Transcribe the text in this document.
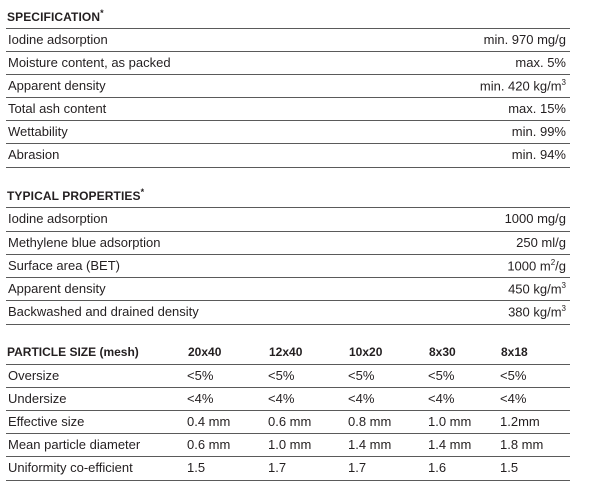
SPECIFICATION*
Iodine adsorption	min. 970 mg/g
Moisture content, as packed	max. 5%
Apparent density	min. 420 $kg/m^3$
Total ash content	max. 15%
Wettability	min. 99%
Abrasion	min. 94%
TYPICAL PROPERTIES*
Iodine adsorption	1000 mg/g
Methylene blue adsorption	250 ml/g
Surface area (BET)	1000 $m^2/g$
Apparent density	450 $kg/m^3$
Backwashed and drained density	380 $kg/m^3$
PARTICLE SIZE (mesh)	20x40	12x40	10x20	8x30	8x18
Oversize	<5%	<5%	<5%	<5%	<5%
Undersize	<4%	<4%	<4%	<4%	<4%
Effective size	0.4 mm	0.6 mm	0.8 mm	1.0 mm 1.2mm
Mean particle diameter	0.6 mm	1.0 mm	1.4 mm	1.4 mm 1.8 mm
Uniformity co-efficient	1.5	1.7	1.7	1.6	1.5
